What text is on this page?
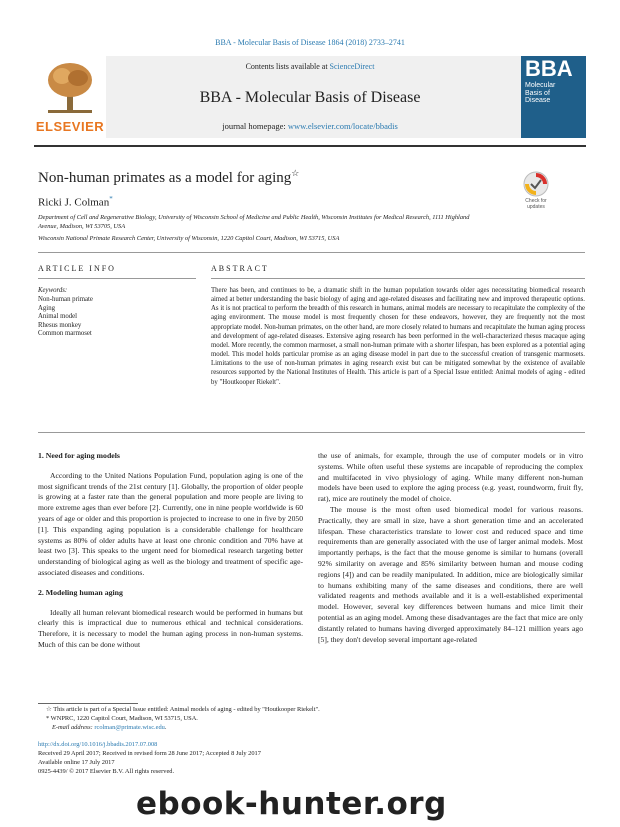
BBA - Molecular Basis of Disease 1864 (2018) 2733–2741
ELSEVIER
Contents lists available at ScienceDirect
BBA - Molecular Basis of Disease
journal homepage: www.elsevier.com/locate/bbadis
BBA
Molecular
Basis of
Disease
Non-human primates as a model for aging☆
Check for
updates
Ricki J. Colman*
Department of Cell and Regenerative Biology, University of Wisconsin School of Medicine and Public Health, Wisconsin Institutes for Medical Research, 1111 Highland
Avenue, Madison, WI 53705, USA
Wisconsin National Primate Research Center, University of Wisconsin, 1220 Capitol Court, Madison, WI 53715, USA
ARTICLE INFO	ABSTRACT
Keywords:
Non-human primate
Aging
Animal model
Rhesus monkey
Common marmoset
There has been, and continues to be, a dramatic shift in the human population towards older ages necessitating biomedical research aimed at better understanding the basic biology of aging and age-related diseases and facilitating new and improved therapeutic options. As it is not practical to perform the breadth of this research in humans, animal models are necessary to recapitulate the complexity of the aging environment. The mouse model is most frequently chosen for these endeavors, however, they are frequently not the most appropriate model. Non-human primates, on the other hand, are more closely related to humans and recapitulate the human aging process and development of age-related diseases. Extensive aging research has been performed in the well-characterized rhesus macaque aging model. More recently, the common marmoset, a small non-human primate with a shorter lifespan, has been explored as a potential aging model. This model holds particular promise as an aging disease model in part due to the successful creation of transgenic marmosets. Limitations to the use of non-human primates in aging research exist but can be mitigated somewhat by the existence of available resources supported by the National Institutes of Health. This article is part of a Special Issue entitled: Animal models of aging - edited by "Houtkooper Riekelt".
1. Need for aging models

According to the United Nations Population Fund, population aging is one of the most significant trends of the 21st century [1]. Globally, the proportion of older people is growing at a faster rate than the general population and more people are living to more extreme ages than ever before [2]. Currently, one in nine people worldwide is 60 years of age or older and this proportion is projected to increase to one in five by 2050 [1]. This expanding aging population is a considerable challenge for healthcare systems as 80% of older adults have at least one chronic condition and 70% have at least two [3]. This speaks to the urgent need for biomedical research targeting better understanding of biological aging as well as the biology and treatment of specific age-associated diseases and conditions.

2. Modeling human aging

Ideally all human relevant biomedical research would be performed in humans but clearly this is impractical due to numerous ethical and technical considerations. Therefore, it is necessary to model the human aging process in non-human systems. Much of this can be done without

the use of animals, for example, through the use of computer models or in vitro systems. While often useful these systems are incapable of reproducing the complex and multifaceted in vivo physiology of aging. While many different non-human models have been used to explore the aging process (e.g. yeast, roundworm, fruit fly, rat), mice are routinely the model of choice.

The mouse is the most often used biomedical model for various reasons. Practically, they are small in size, have a short generation time and an accelerated lifespan. These characteristics translate to lower cost and reduced space and time requirements than are generally associated with the use of larger animal models. Most importantly perhaps, is the fact that the mouse genome is similar to humans (overall 92% similarity on average and 85% similarity between human and mouse coding regions [4]) and can be readily manipulated. In addition, mice are biologically similar to humans exhibiting many of the same diseases and conditions, there are well validated reagents and methods available and it is a well-established experimental model. However, several key differences between humans and mice limit their potential as an aging model. Among these disadvantages are the fact that mice are only distantly related to humans having diverged approximately 84–121 million years ago [5], they don't develop several important age-related

☆ This article is part of a Special Issue entitled: Animal models of aging - edited by "Houtkooper Riekelt".
* WNPRC, 1220 Capitol Court, Madison, WI 53715, USA.
E-mail address: rcolman@primate.wisc.edu.
http://dx.doi.org/10.1016/j.bbadis.2017.07.008
Received 29 April 2017; Received in revised form 28 June 2017; Accepted 8 July 2017
Available online 17 July 2017
0925-4439/ © 2017 Elsevier B.V. All rights reserved.
ebook-hunter.org
